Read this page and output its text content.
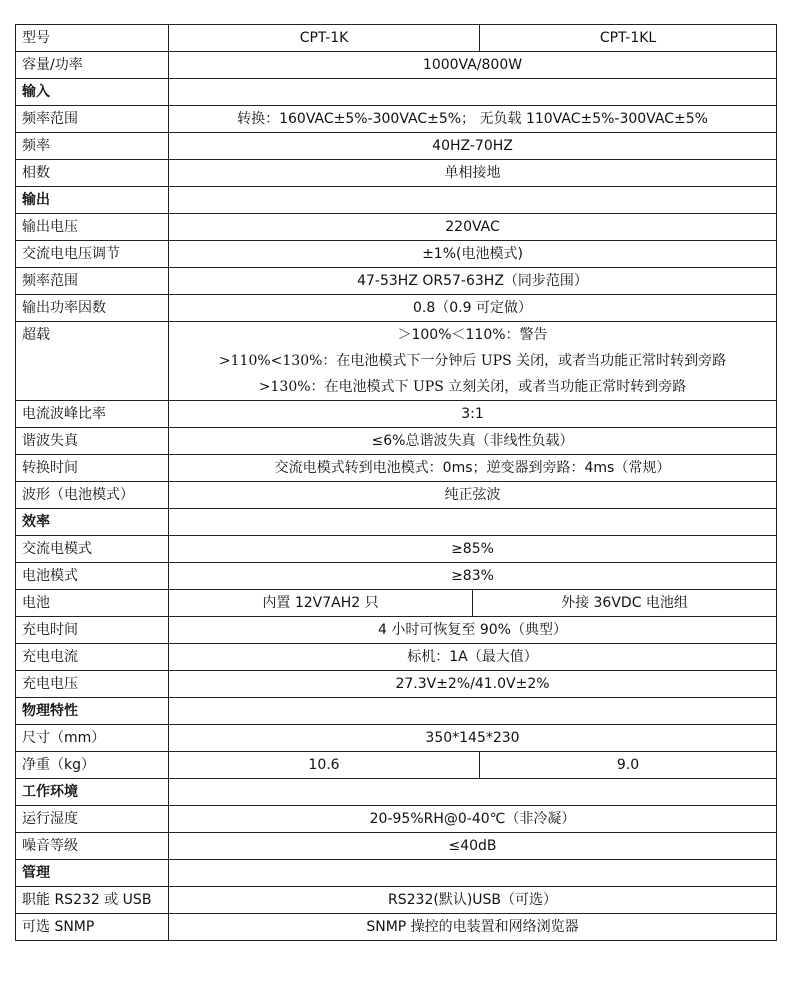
型号	CPT-1K		CPT-1KL
容量/功率	1000VA/800W		
输入			
频率范围	转换：160VAC±5%-300VAC±5%； 无负载 110VAC±5%-300VAC±5%		
频率	40HZ-70HZ		
相数	单相接地		
输出			
输出电压	220VAC		
交流电电压调节	±1%(电池模式)		
频率范围	47-53HZ OR57-63HZ（同步范围）		
输出功率因数	0.8（0.9 可定做）		
超载	＞100%＜110%：警告
>110%<130%：在电池模式下一分钟后 UPS 关闭，或者当功能正常时转到旁路
>130%：在电池模式下 UPS 立刻关闭，或者当功能正常时转到旁路		

电流波峰比率	3:1		
谐波失真	≤6%总谐波失真（非线性负载）		
转换时间	交流电模式转到电池模式：0ms；逆变器到旁路：4ms（常规）		
波形（电池模式）	纯正弦波		
效率			
交流电模式	≥85%		
电池模式	≥83%		
电池	内置 12V7AH2 只	外接 36VDC 电池组	
充电时间	4 小时可恢复至 90%（典型）		
充电电流	标机：1A（最大值）		
充电电压	27.3V±2%/41.0V±2%		
物理特性			
尺寸（mm）	350*145*230		
净重（kg）	10.6		9.0
工作环境			
运行湿度	20-95%RH@0-40℃（非冷凝）		
噪音等级	≤40dB		
管理			
职能 RS232 或 USB	RS232(默认)USB（可选）		
可选 SNMP	SNMP 操控的电装置和网络浏览器		
